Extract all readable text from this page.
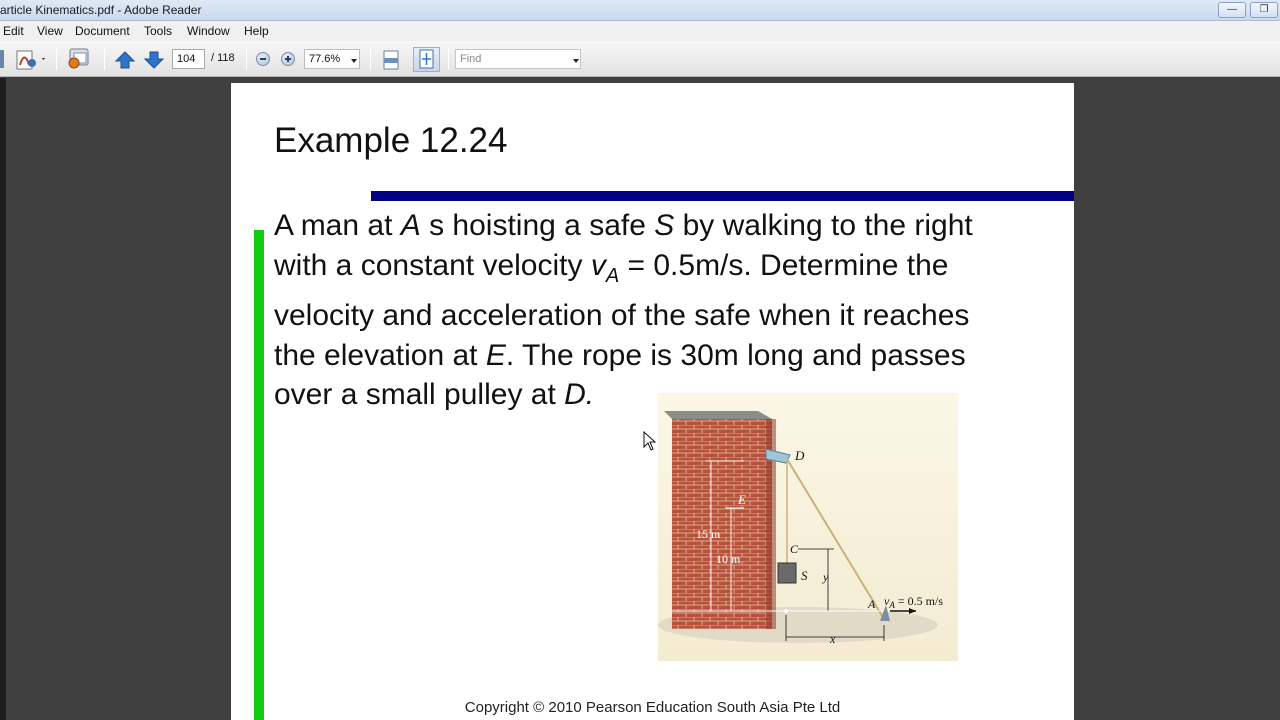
article Kinematics.pdf - Adobe Reader	—	❐
Edit View Document Tools Window Help
104	/ 118	77.6%	Find
Example 12.24
A man at A s hoisting a safe S by walking to the right
with a constant velocity $v_A = 0.5m/s$. Determine the
velocity and acceleration of the safe when it reaches
the elevation at E. The rope is 30m long and passes
over a small pulley at D.
D
S
C
y
15 m
E
10 m
A $v_A = 0.5$ m/s
x
Copyright © 2010 Pearson Education South Asia Pte Ltd
